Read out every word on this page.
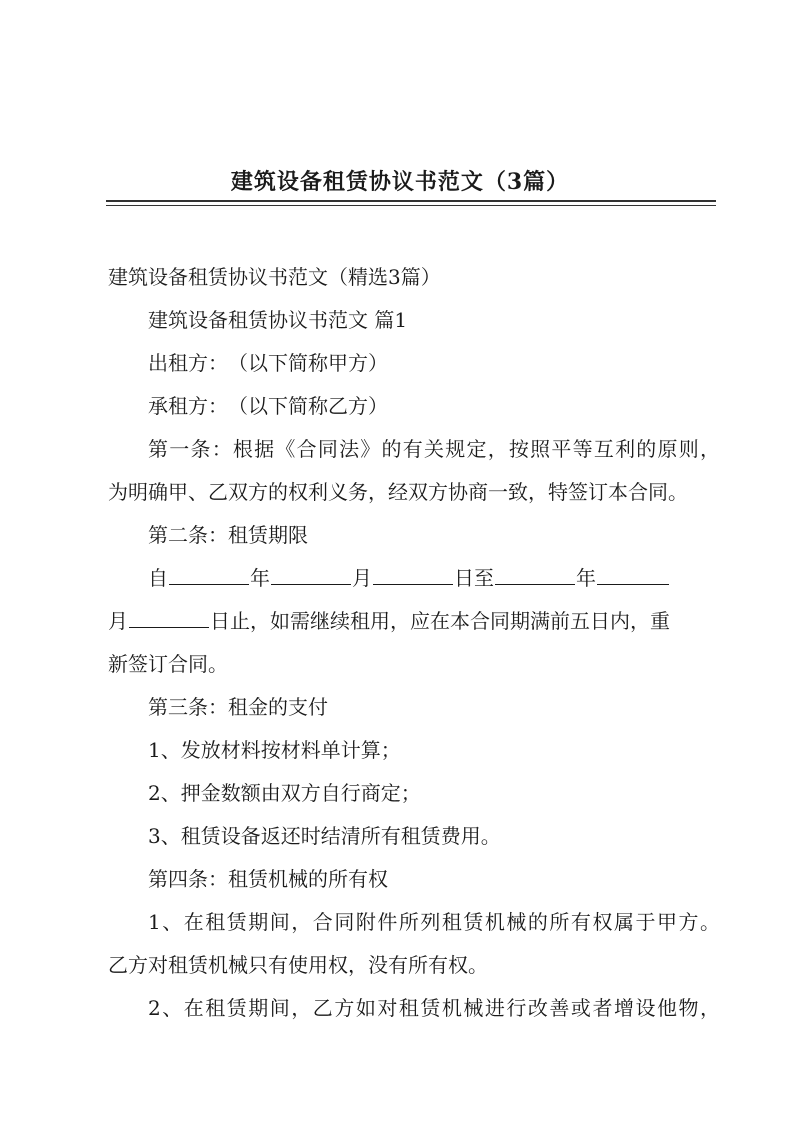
建筑设备租赁协议书范文（3篇）

建筑设备租赁协议书范文（精选3篇）

建筑设备租赁协议书范文 篇1

出租方：　（以下简称甲方）

承租方：　（以下简称乙方）

第一条：根据《合同法》的有关规定，按照平等互利的原则，

为明确甲、乙双方的权利义务，经双方协商一致，特签订本合同。

第二条：租赁期限

自	年	月	日至	年

月	日止，如需继续租用，应在本合同期满前五日内，重

新签订合同。

第三条：租金的支付

1、发放材料按材料单计算；

2、押金数额由双方自行商定；

3、租赁设备返还时结清所有租赁费用。

第四条：租赁机械的所有权

1、在租赁期间，合同附件所列租赁机械的所有权属于甲方。

乙方对租赁机械只有使用权，没有所有权。

2、在租赁期间，乙方如对租赁机械进行改善或者增设他物，
